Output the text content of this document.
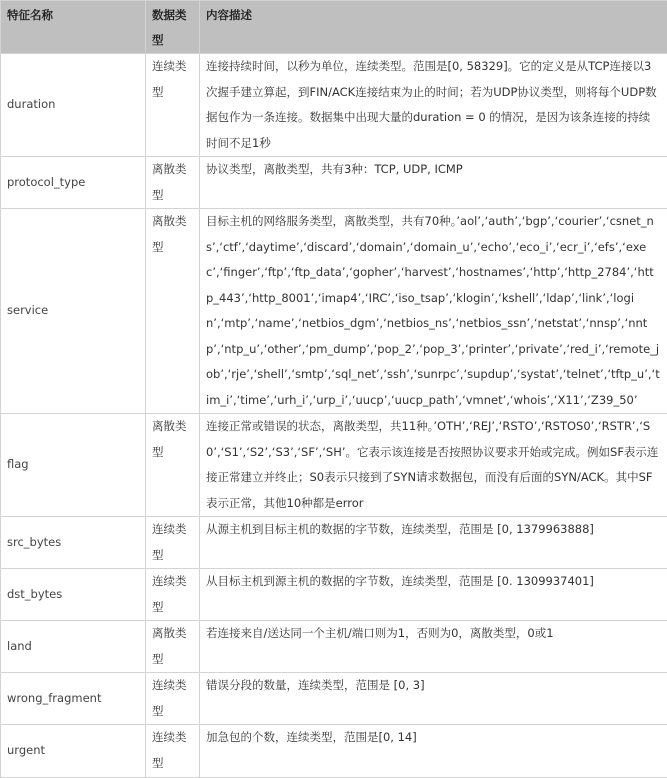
特征名称	数据类型	内容描述
duration	连续类型	连接持续时间，以秒为单位，连续类型。范围是[0, 58329]。它的定义是从TCP连接以3次握手建立算起，到FIN/ACK连接结束为止的时间；若为UDP协议类型，则将每个UDP数据包作为一条连接。数据集中出现大量的duration = 0 的情况，是因为该条连接的持续时间不足1秒
protocol_type	离散类型	协议类型，离散类型，共有3种：TCP, UDP, ICMP
service	离散类型	目标主机的网络服务类型，离散类型，共有70种。’aol’,‘auth’,‘bgp’,‘courier’,‘csnet_ns’,‘ctf’,‘daytime’,‘discard’,‘domain’,‘domain_u’,‘echo’,‘eco_i’,‘ecr_i’,‘efs’,‘exec’,‘finger’,‘ftp’,‘ftp_data’,‘gopher’,‘harvest’,‘hostnames’,‘http’,‘http_2784’,‘http_443’,‘http_8001’,‘imap4’,‘IRC’,‘iso_tsap’,‘klogin’,‘kshell’,‘ldap’,‘link’,‘login’,‘mtp’,‘name’,‘netbios_dgm’,‘netbios_ns’,‘netbios_ssn’,‘netstat’,‘nnsp’,‘nntp’,‘ntp_u’,‘other’,‘pm_dump’,‘pop_2’,‘pop_3’,‘printer’,‘private’,‘red_i’,‘remote_job’,‘rje’,‘shell’,‘smtp’,‘sql_net’,‘ssh’,‘sunrpc’,‘supdup’,‘systat’,‘telnet’,‘tftp_u’,‘tim_i’,‘time’,‘urh_i’,‘urp_i’,‘uucp’,‘uucp_path’,‘vmnet’,‘whois’,‘X11’,‘Z39_50’
flag	离散类型	连接正常或错误的状态，离散类型，共11种。’OTH’,‘REJ’,‘RSTO’,‘RSTOS0’,‘RSTR’,‘S0’,‘S1’,‘S2’,‘S3’,‘SF’,‘SH’。它表示该连接是否按照协议要求开始或完成。例如SF表示连接正常建立并终止；S0表示只接到了SYN请求数据包，而没有后面的SYN/ACK。其中SF表示正常，其他10种都是error
src_bytes	连续类型	从源主机到目标主机的数据的字节数，连续类型，范围是 [0, 1379963888]
dst_bytes	连续类型	从目标主机到源主机的数据的字节数，连续类型，范围是 [0. 1309937401]
land	离散类型	若连接来自/送达同一个主机/端口则为1，否则为0，离散类型，0或1
wrong_fragment	连续类型	错误分段的数量，连续类型，范围是 [0, 3]
urgent	连续类型	加急包的个数，连续类型，范围是[0, 14]
